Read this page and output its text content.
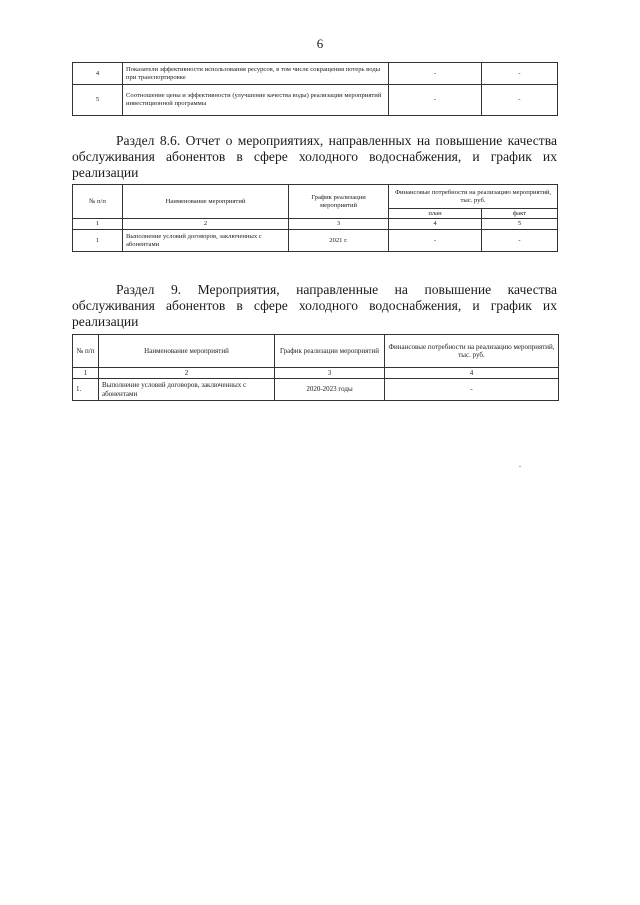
6
4	Показатели эффективности использования ресурсов, в том числе сокращения потерь воды при транспортировке	-	-
5	Соотношение цены и эффективности (улучшение качества воды) реализации мероприятий инвестиционной программы	-	-
Раздел 8.6. Отчет о мероприятиях, направленных на повышение качества обслуживания абонентов в сфере холодного водоснабжения, и график их реализации
№ п/п	Наименование мероприятий	График реализации мероприятий	Финансовые потребности на реализацию мероприятий, тыс. руб.	
			план	факт
1	2	3	4	5
1	Выполнение условий договоров, заключенных с абонентами	2021 г.	-	-
Раздел 9. Мероприятия, направленные на повышение качества обслуживания абонентов в сфере холодного водоснабжения, и график их реализации
№ п/п	Наименование мероприятий	График реализации мероприятий	Финансовые потребности на реализацию мероприятий, тыс. руб.
1	2	3	4
1.	Выполнение условий договоров, заключенных с абонентами	2020-2023 годы	-
